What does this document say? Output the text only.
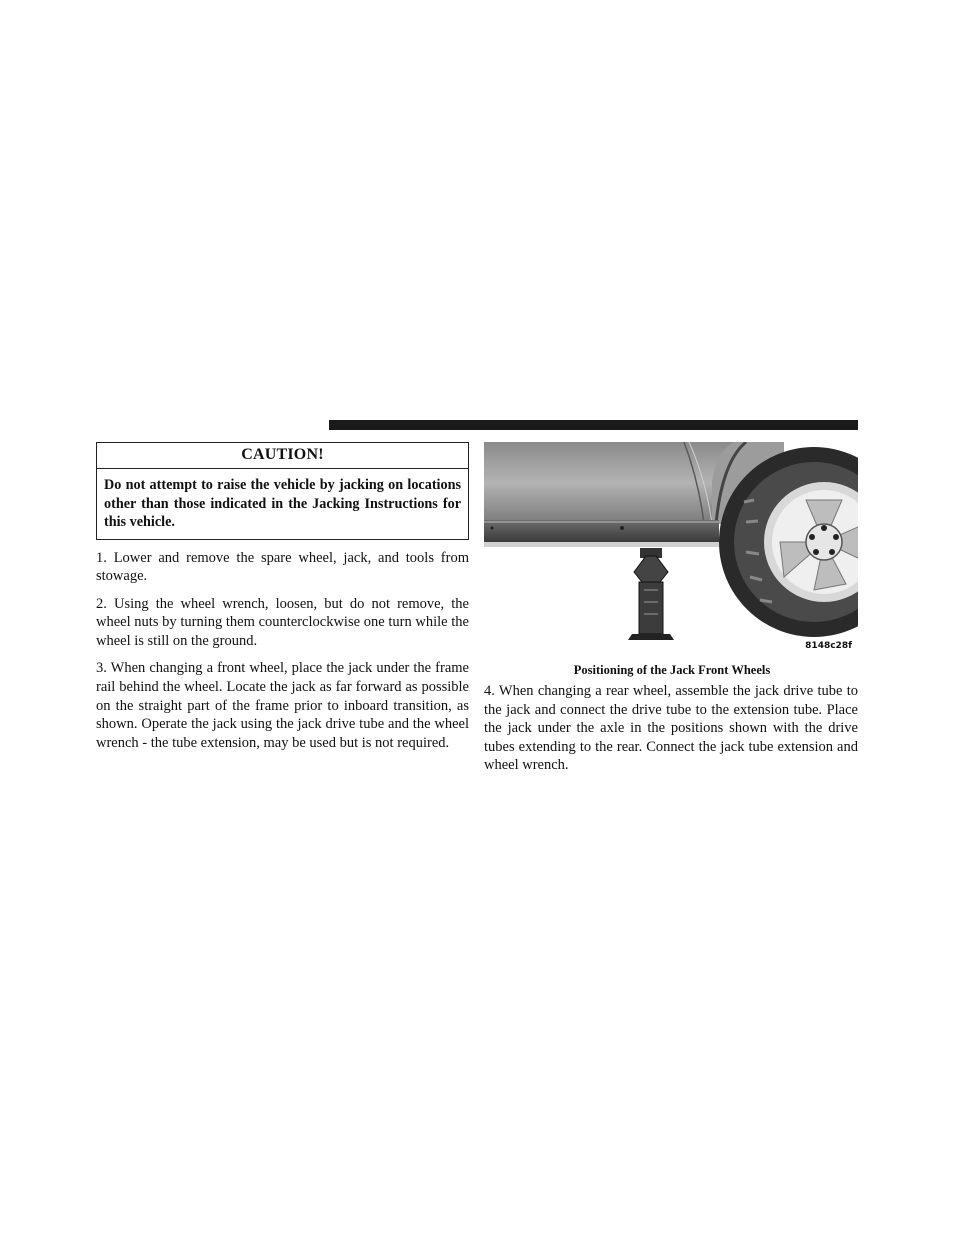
CAUTION!
Do not attempt to raise the vehicle by jacking on locations other than those indicated in the Jacking Instructions for this vehicle.

1. Lower and remove the spare wheel, jack, and tools from stowage.

2. Using the wheel wrench, loosen, but do not remove, the wheel nuts by turning them counterclockwise one turn while the wheel is still on the ground.

3. When changing a front wheel, place the jack under the frame rail behind the wheel. Locate the jack as far forward as possible on the straight part of the frame prior to inboard transition, as shown. Operate the jack using the jack drive tube and the wheel wrench - the tube extension, may be used but is not required.

8148c28f
Positioning of the Jack Front Wheels

4. When changing a rear wheel, assemble the jack drive tube to the jack and connect the drive tube to the extension tube. Place the jack under the axle in the positions shown with the drive tubes extending to the rear. Connect the jack tube extension and wheel wrench.
